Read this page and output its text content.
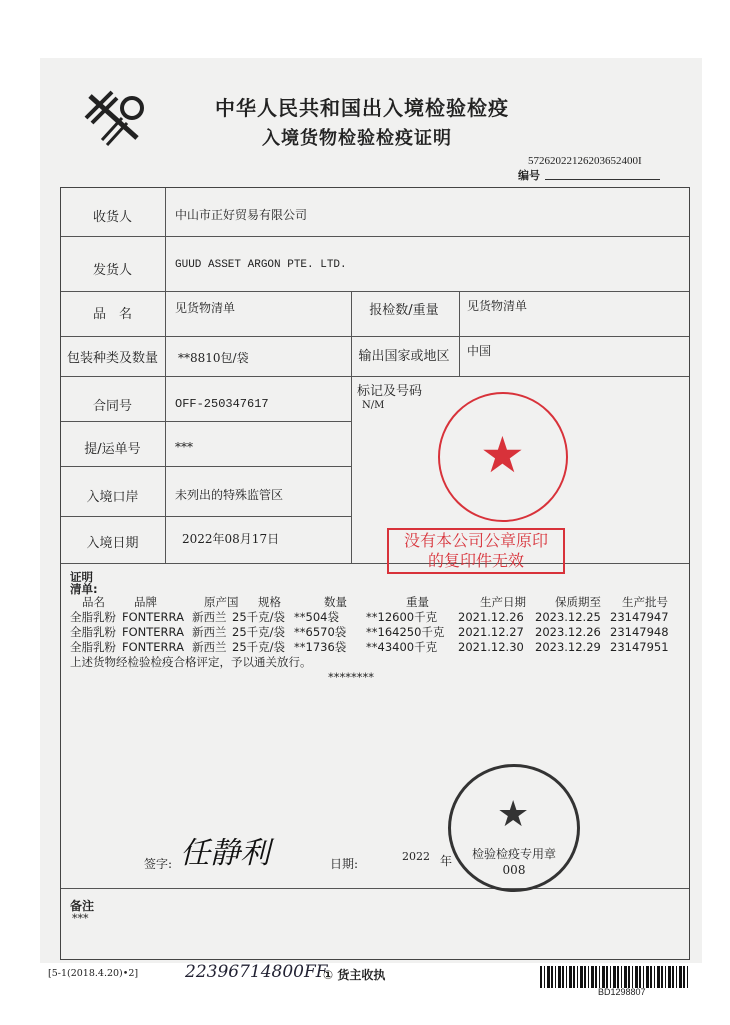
中华人民共和国出入境检验检疫
入境货物检验检疫证明
57262022126203652400I
编号
收货人	中山市正好贸易有限公司
发货人	GUUD ASSET ARGON PTE. LTD.
品　名	见货物清单	报检数/重量	见货物清单
包装种类及数量	**8810包/袋	输出国家或地区	中国
合同号	OFF-250347617
提/运单号	***
入境口岸	未列出的特殊监管区
入境日期	2022年08月17日
标记及号码
N/M
★
没有本公司公章原印
的复印件无效
证明
清单:
品名	品牌	原产国	规格	数量	重量	生产日期	保质期至	生产批号
全脂乳粉 FONTERRA 新西兰 25千克/袋 **504袋	**12600千克	2021.12.26 2023.12.25 23147947
全脂乳粉 FONTERRA 新西兰 25千克/袋 **6570袋	**164250千克	2021.12.27 2023.12.26 23147948
全脂乳粉 FONTERRA 新西兰 25千克/袋 **1736袋	**43400千克	2021.12.30 2023.12.29 23147951
上述货物经检验检疫合格评定，予以通关放行。
********
签字: 任静利	日期:
2022 年
★
检验检疫专用章
008
备注
***
[5-1(2018.4.20)•2]	22396714800FF
① 货主收执
BD1298807
